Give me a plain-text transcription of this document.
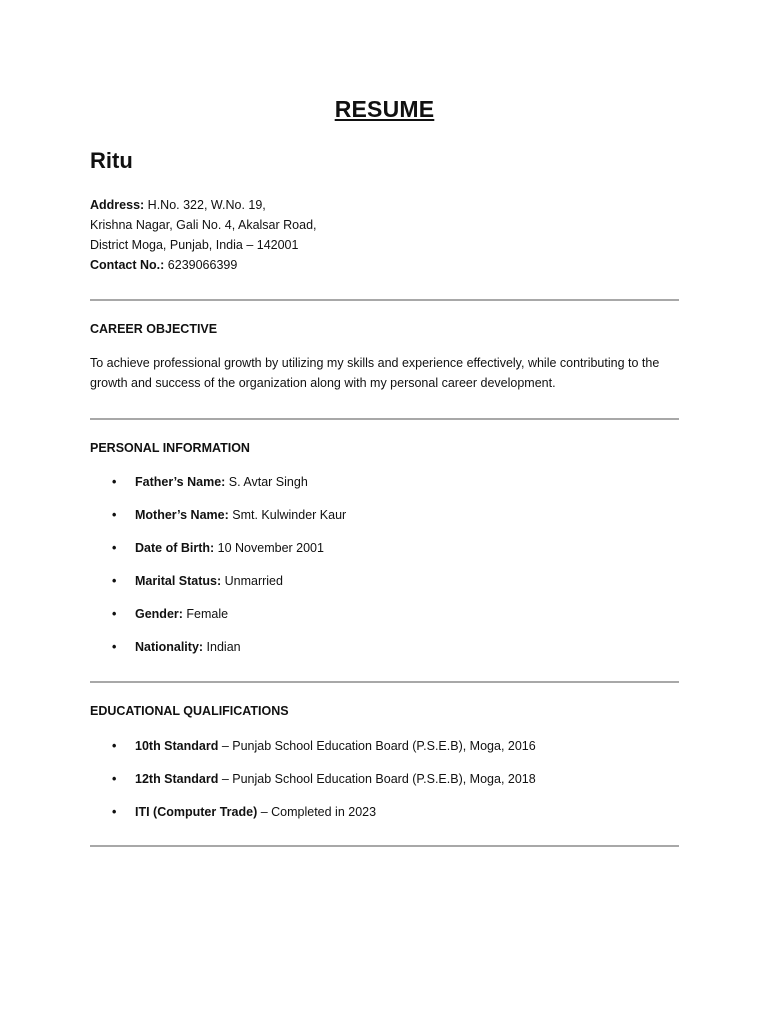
RESUME
Ritu
Address: H.No. 322, W.No. 19,
Krishna Nagar, Gali No. 4, Akalsar Road,
District Moga, Punjab, India – 142001
Contact No.: 6239066399
CAREER OBJECTIVE
To achieve professional growth by utilizing my skills and experience effectively, while contributing to the growth and success of the organization along with my personal career development.
PERSONAL INFORMATION
• Father’s Name: S. Avtar Singh
• Mother’s Name: Smt. Kulwinder Kaur
• Date of Birth: 10 November 2001
• Marital Status: Unmarried
• Gender: Female
• Nationality: Indian
EDUCATIONAL QUALIFICATIONS
• 10th Standard – Punjab School Education Board (P.S.E.B), Moga, 2016
• 12th Standard – Punjab School Education Board (P.S.E.B), Moga, 2018
• ITI (Computer Trade) – Completed in 2023
